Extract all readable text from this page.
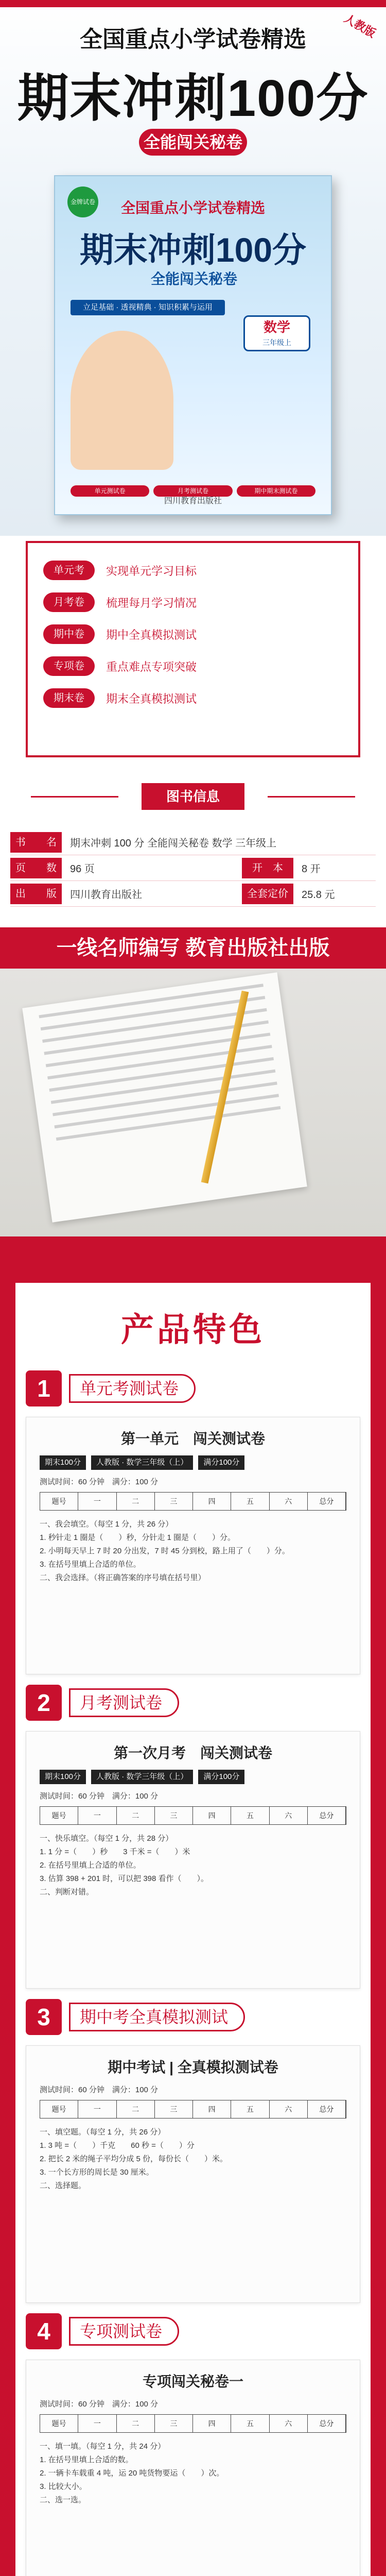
人教版
全国重点小学试卷精选
期末冲刺100分
全能闯关秘卷
金牌试卷	全国重点小学试卷精选
期末冲刺100分
全能闯关秘卷
立足基础 · 透视精典 · 知识积累与运用
数学
三年级上
单元测试卷	月考测试卷	期中期末测试卷
四川教育出版社
单元考	实现单元学习目标
月考卷	梳理每月学习情况
期中卷	期中全真模拟测试
专项卷	重点难点专项突破
期末卷	期末全真模拟测试
图书信息
书　　名	期末冲刺 100 分 全能闯关秘卷 数学 三年级上
页　　数	96 页	开　本	8 开
出　　版	四川教育出版社	全套定价	25.8 元
一线名师编写 教育出版社出版
产品特色
1	单元考测试卷
第一单元　闯关测试卷
期末100分	人教版 · 数学三年级（上）	满分100分
测试时间：60 分钟　满分：100 分
题号	一	二	三	四	五	六	总分
一、我会填空。（每空 1 分，共 26 分）
1. 秒针走 1 圈是（　　）秒，分针走 1 圈是（　　）分。
2. 小明每天早上 7 时 20 分出发，7 时 45 分到校，路上用了（　　）分。
3. 在括号里填上合适的单位。
二、我会选择。（将正确答案的序号填在括号里）
2	月考测试卷
第一次月考　闯关测试卷
期末100分	人教版 · 数学三年级（上）	满分100分
测试时间：60 分钟　满分：100 分
题号	一	二	三	四	五	六	总分
一、快乐填空。（每空 1 分，共 28 分）
1. 1 分 =（　　）秒　　3 千米 =（　　）米
2. 在括号里填上合适的单位。
3. 估算 398 + 201 时，可以把 398 看作（　　）。
二、判断对错。
3	期中考全真模拟测试
期中考试 | 全真模拟测试卷
测试时间：60 分钟　满分：100 分
题号	一	二	三	四	五	六	总分
一、填空题。（每空 1 分，共 26 分）
1. 3 吨 =（　　）千克　　60 秒 =（　　）分
2. 把长 2 米的绳子平均分成 5 份，每份长（　　）米。
3. 一个长方形的周长是 30 厘米。
二、选择题。
4	专项测试卷
专项闯关秘卷一
测试时间：60 分钟　满分：100 分
题号	一	二	三	四	五	六	总分
一、填一填。（每空 1 分，共 24 分）
1. 在括号里填上合适的数。
2. 一辆卡车载重 4 吨，运 20 吨货物要运（　　）次。
3. 比较大小。
二、选一选。
